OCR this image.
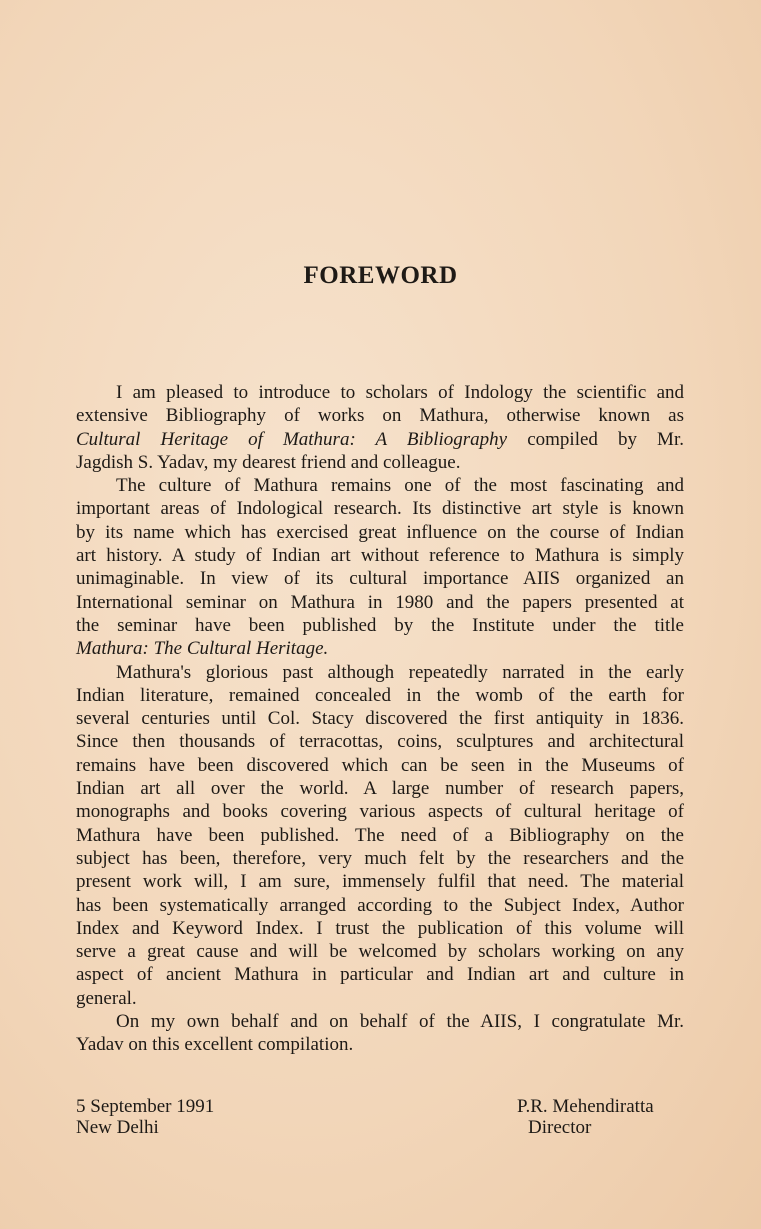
FOREWORD
I am pleased to introduce to scholars of Indology the scientific and
extensive Bibliography of works on Mathura, otherwise known as
Cultural Heritage of Mathura: A Bibliography compiled by Mr.
Jagdish S. Yadav, my dearest friend and colleague.
The culture of Mathura remains one of the most fascinating and
important areas of Indological research. Its distinctive art style is known
by its name which has exercised great influence on the course of Indian
art history. A study of Indian art without reference to Mathura is simply
unimaginable. In view of its cultural importance AIIS organized an
International seminar on Mathura in 1980 and the papers presented at
the seminar have been published by the Institute under the title
Mathura: The Cultural Heritage.
Mathura's glorious past although repeatedly narrated in the early
Indian literature, remained concealed in the womb of the earth for
several centuries until Col. Stacy discovered the first antiquity in 1836.
Since then thousands of terracottas, coins, sculptures and architectural
remains have been discovered which can be seen in the Museums of
Indian art all over the world. A large number of research papers,
monographs and books covering various aspects of cultural heritage of
Mathura have been published. The need of a Bibliography on the
subject has been, therefore, very much felt by the researchers and the
present work will, I am sure, immensely fulfil that need. The material
has been systematically arranged according to the Subject Index, Author
Index and Keyword Index. I trust the publication of this volume will
serve a great cause and will be welcomed by scholars working on any
aspect of ancient Mathura in particular and Indian art and culture in
general.
On my own behalf and on behalf of the AIIS, I congratulate Mr.
Yadav on this excellent compilation.
5 September 1991
New Delhi
P.R. Mehendiratta
Director
